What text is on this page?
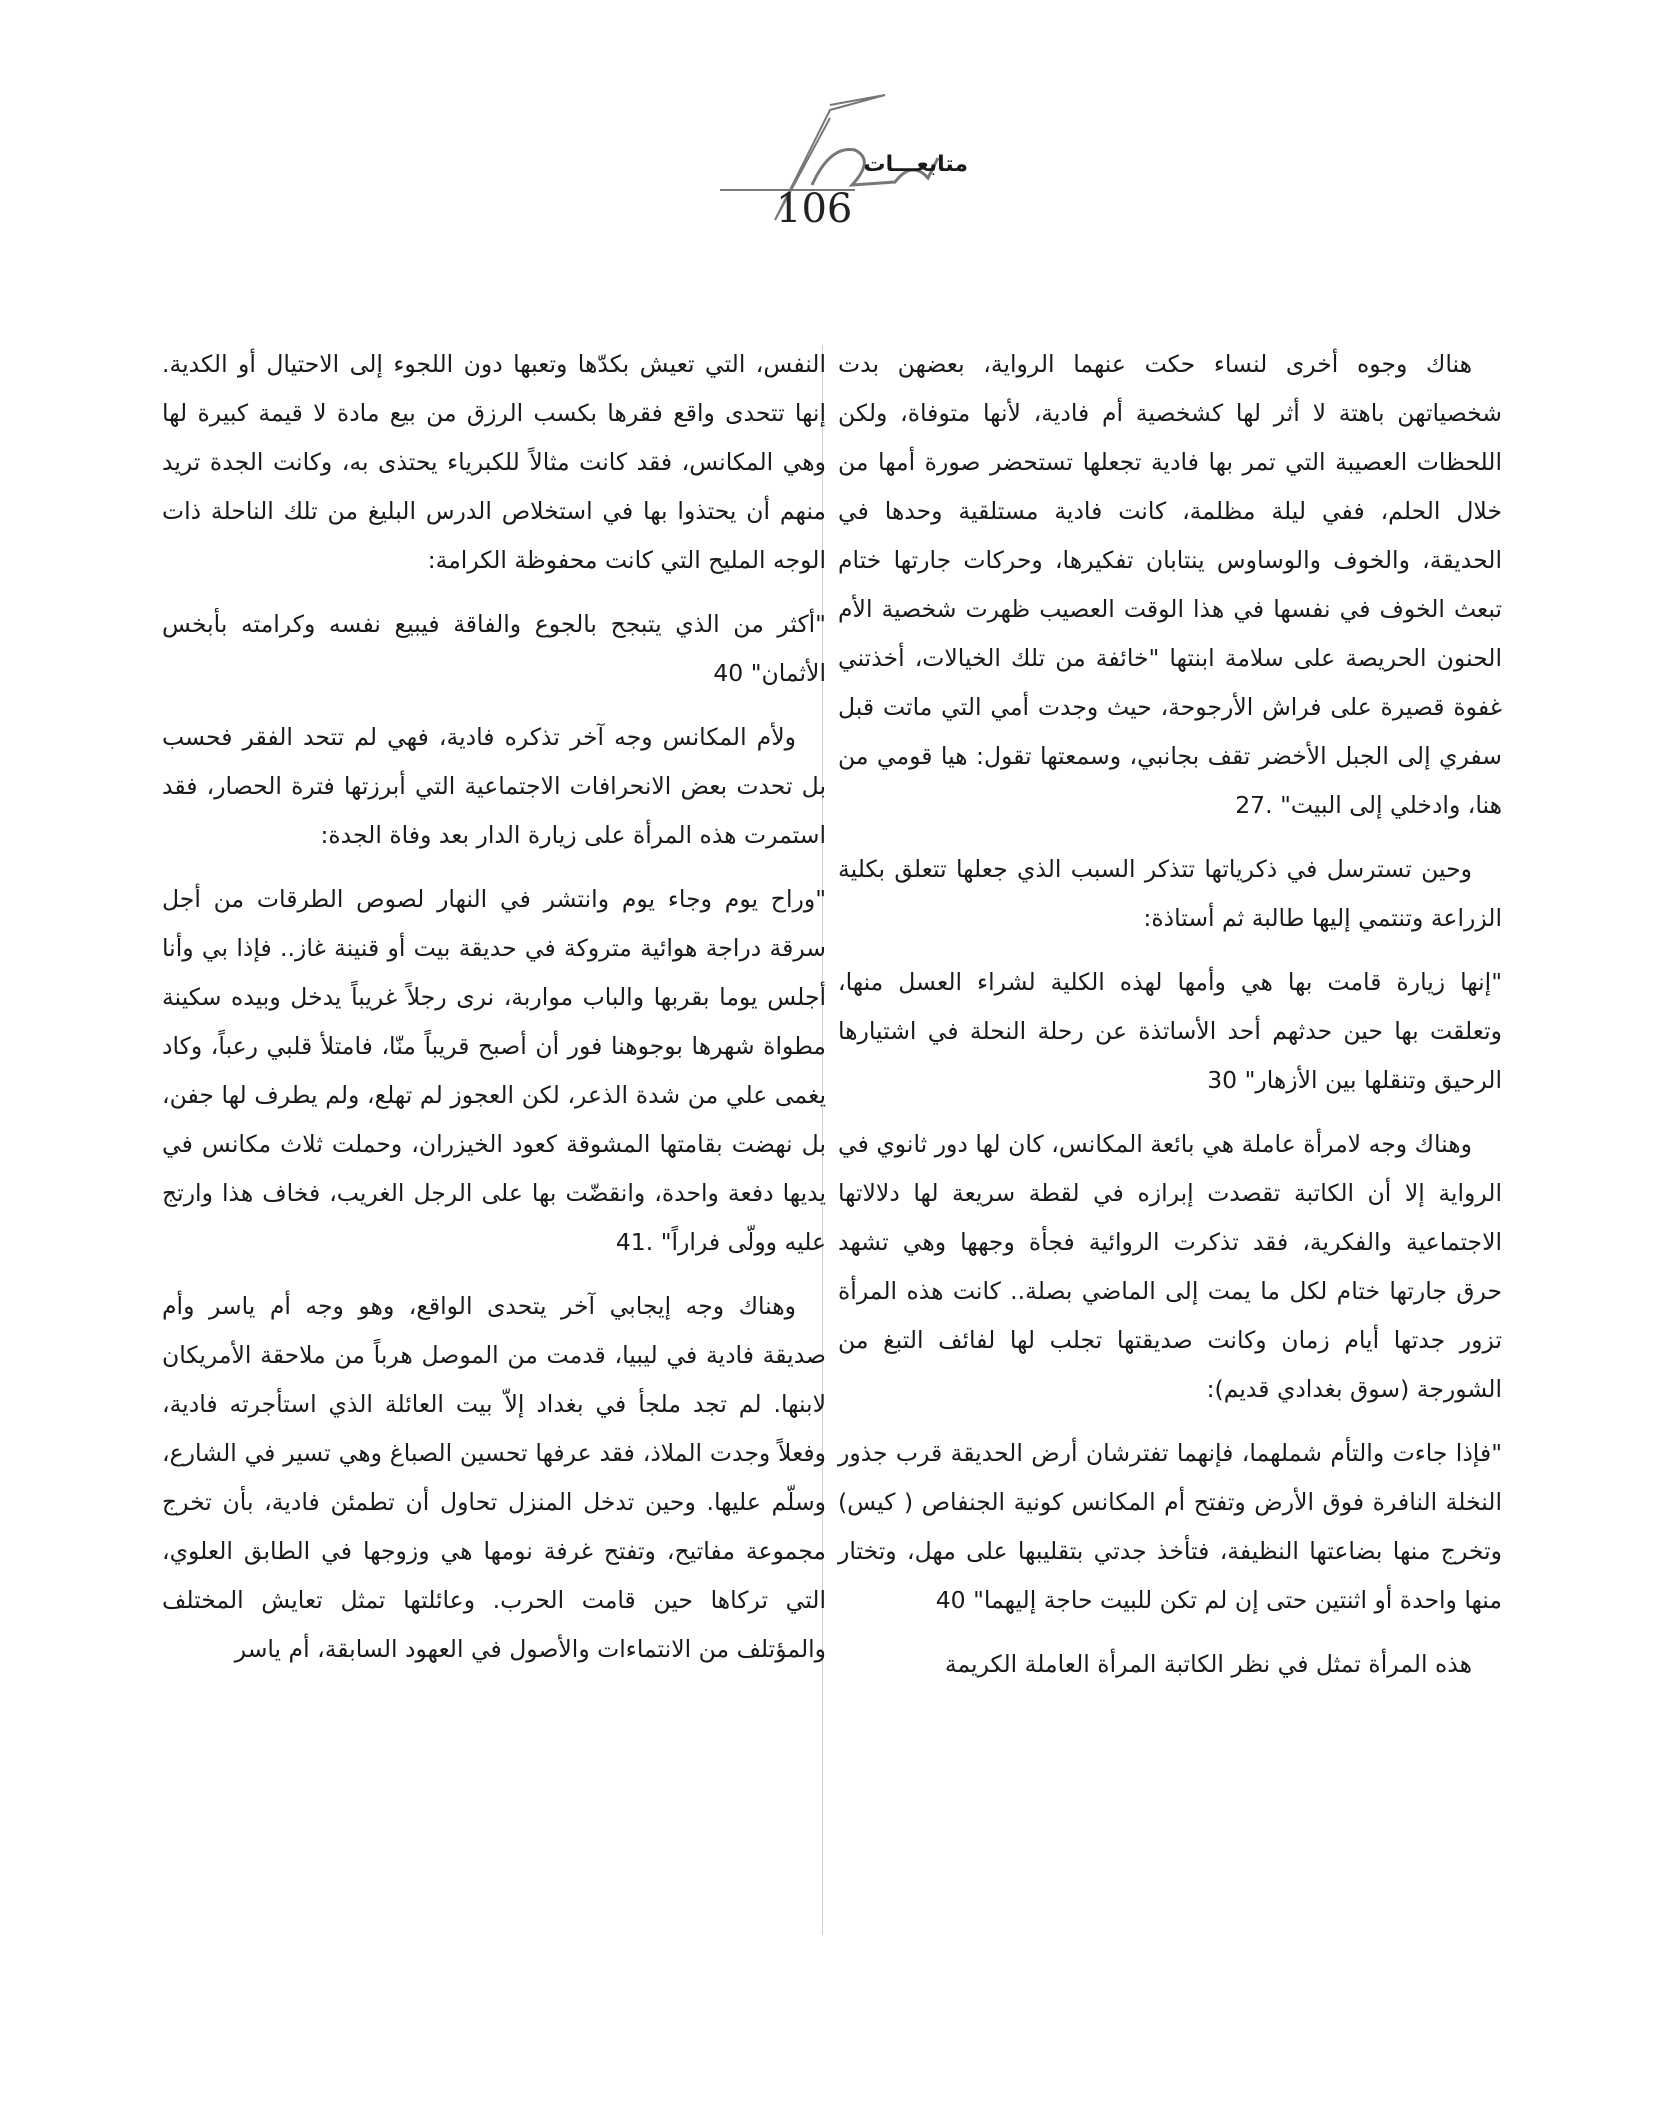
متابعـــات
106

هناك وجوه أخرى لنساء حكت عنهما الرواية، بعضهن بدت شخصياتهن باهتة لا أثر لها كشخصية أم فادية، لأنها متوفاة، ولكن اللحظات العصيبة التي تمر بها فادية تجعلها تستحضر صورة أمها من خلال الحلم، ففي ليلة مظلمة، كانت فادية مستلقية وحدها في الحديقة، والخوف والوساوس ينتابان تفكيرها، وحركات جارتها ختام تبعث الخوف في نفسها في هذا الوقت العصيب ظهرت شخصية الأم الحنون الحريصة على سلامة ابنتها "خائفة من تلك الخيالات، أخذتني غفوة قصيرة على فراش الأرجوحة، حيث وجدت أمي التي ماتت قبل سفري إلى الجبل الأخضر تقف بجانبي، وسمعتها تقول: هيا قومي من هنا، وادخلي إلى البيت" .27

وحين تسترسل في ذكرياتها تتذكر السبب الذي جعلها تتعلق بكلية الزراعة وتنتمي إليها طالبة ثم أستاذة:

"إنها زيارة قامت بها هي وأمها لهذه الكلية لشراء العسل منها، وتعلقت بها حين حدثهم أحد الأساتذة عن رحلة النحلة في اشتيارها الرحيق وتنقلها بين الأزهار" 30

وهناك وجه لامرأة عاملة هي بائعة المكانس، كان لها دور ثانوي في الرواية إلا أن الكاتبة تقصدت إبرازه في لقطة سريعة لها دلالاتها الاجتماعية والفكرية، فقد تذكرت الروائية فجأة وجهها وهي تشهد حرق جارتها ختام لكل ما يمت إلى الماضي بصلة.. كانت هذه المرأة تزور جدتها أيام زمان وكانت صديقتها تجلب لها لفائف التبغ من الشورجة (سوق بغدادي قديم):

"فإذا جاءت والتأم شملهما، فإنهما تفترشان أرض الحديقة قرب جذور النخلة النافرة فوق الأرض وتفتح أم المكانس كونية الجنفاص ( كيس) وتخرج منها بضاعتها النظيفة، فتأخذ جدتي بتقليبها على مهل، وتختار منها واحدة أو اثنتين حتى إن لم تكن للبيت حاجة إليهما" 40

هذه المرأة تمثل في نظر الكاتبة المرأة العاملة الكريمة

النفس، التي تعيش بكدّها وتعبها دون اللجوء إلى الاحتيال أو الكدية. إنها تتحدى واقع فقرها بكسب الرزق من بيع مادة لا قيمة كبيرة لها وهي المكانس، فقد كانت مثالاً للكبرياء يحتذى به، وكانت الجدة تريد منهم أن يحتذوا بها في استخلاص الدرس البليغ من تلك الناحلة ذات الوجه المليح التي كانت محفوظة الكرامة:

"أكثر من الذي يتبجح بالجوع والفاقة فيبيع نفسه وكرامته بأبخس الأثمان" 40

ولأم المكانس وجه آخر تذكره فادية، فهي لم تتحد الفقر فحسب بل تحدت بعض الانحرافات الاجتماعية التي أبرزتها فترة الحصار، فقد استمرت هذه المرأة على زيارة الدار بعد وفاة الجدة:

"وراح يوم وجاء يوم وانتشر في النهار لصوص الطرقات من أجل سرقة دراجة هوائية متروكة في حديقة بيت أو قنينة غاز.. فإذا بي وأنا أجلس يوما بقربها والباب مواربة، نرى رجلاً غريباً يدخل وبيده سكينة مطواة شهرها بوجوهنا فور أن أصبح قريباً منّا، فامتلأ قلبي رعباً، وكاد يغمى علي من شدة الذعر، لكن العجوز لم تهلع، ولم يطرف لها جفن، بل نهضت بقامتها المشوقة كعود الخيزران، وحملت ثلاث مكانس في يديها دفعة واحدة، وانقضّت بها على الرجل الغريب، فخاف هذا وارتج عليه وولّى فراراً" .41

وهناك وجه إيجابي آخر يتحدى الواقع، وهو وجه أم ياسر وأم صديقة فادية في ليبيا، قدمت من الموصل هرباً من ملاحقة الأمريكان لابنها. لم تجد ملجأ في بغداد إلاّ بيت العائلة الذي استأجرته فادية، وفعلاً وجدت الملاذ، فقد عرفها تحسين الصباغ وهي تسير في الشارع، وسلّم عليها. وحين تدخل المنزل تحاول أن تطمئن فادية، بأن تخرج مجموعة مفاتيح، وتفتح غرفة نومها هي وزوجها في الطابق العلوي، التي تركاها حين قامت الحرب. وعائلتها تمثل تعايش المختلف والمؤتلف من الانتماءات والأصول في العهود السابقة، أم ياسر
